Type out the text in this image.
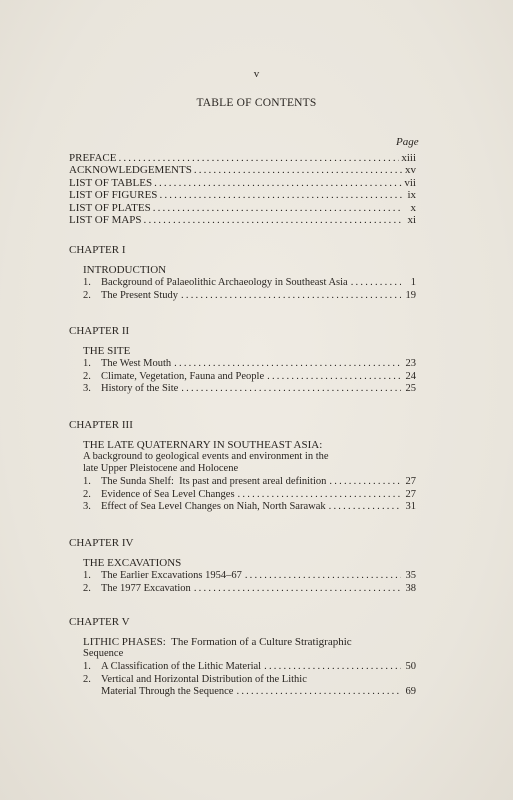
v
TABLE OF CONTENTS
Page
PREFACE . . .	xiii
ACKNOWLEDGEMENTS . . .	xv
LIST OF TABLES . . .	vii
LIST OF FIGURES . . .	ix
LIST OF PLATES . . .	x
LIST OF MAPS . . .	xi
CHAPTER I
INTRODUCTION
1. Background of Palaeolithic Archaeology in Southeast Asia . . .	1
2. The Present Study . . .	19
CHAPTER II
THE SITE
1. The West Mouth . . .	23
2. Climate, Vegetation, Fauna and People . . .	24
3. History of the Site . . .	25
CHAPTER III
THE LATE QUATERNARY IN SOUTHEAST ASIA:
A background to geological events and environment in the
late Upper Pleistocene and Holocene
1. The Sunda Shelf:  Its past and present areal definition . . .	27
2. Evidence of Sea Level Changes . . .	27
3. Effect of Sea Level Changes on Niah, North Sarawak . . .	31
CHAPTER IV
THE EXCAVATIONS
1. The Earlier Excavations 1954–67 . . .	35
2. The 1977 Excavation . . .	38
CHAPTER V
LITHIC PHASES:  The Formation of a Culture Stratigraphic
Sequence
1. A Classification of the Lithic Material . . .	50
2. Vertical and Horizontal Distribution of the Lithic
Material Through the Sequence . . .	69
